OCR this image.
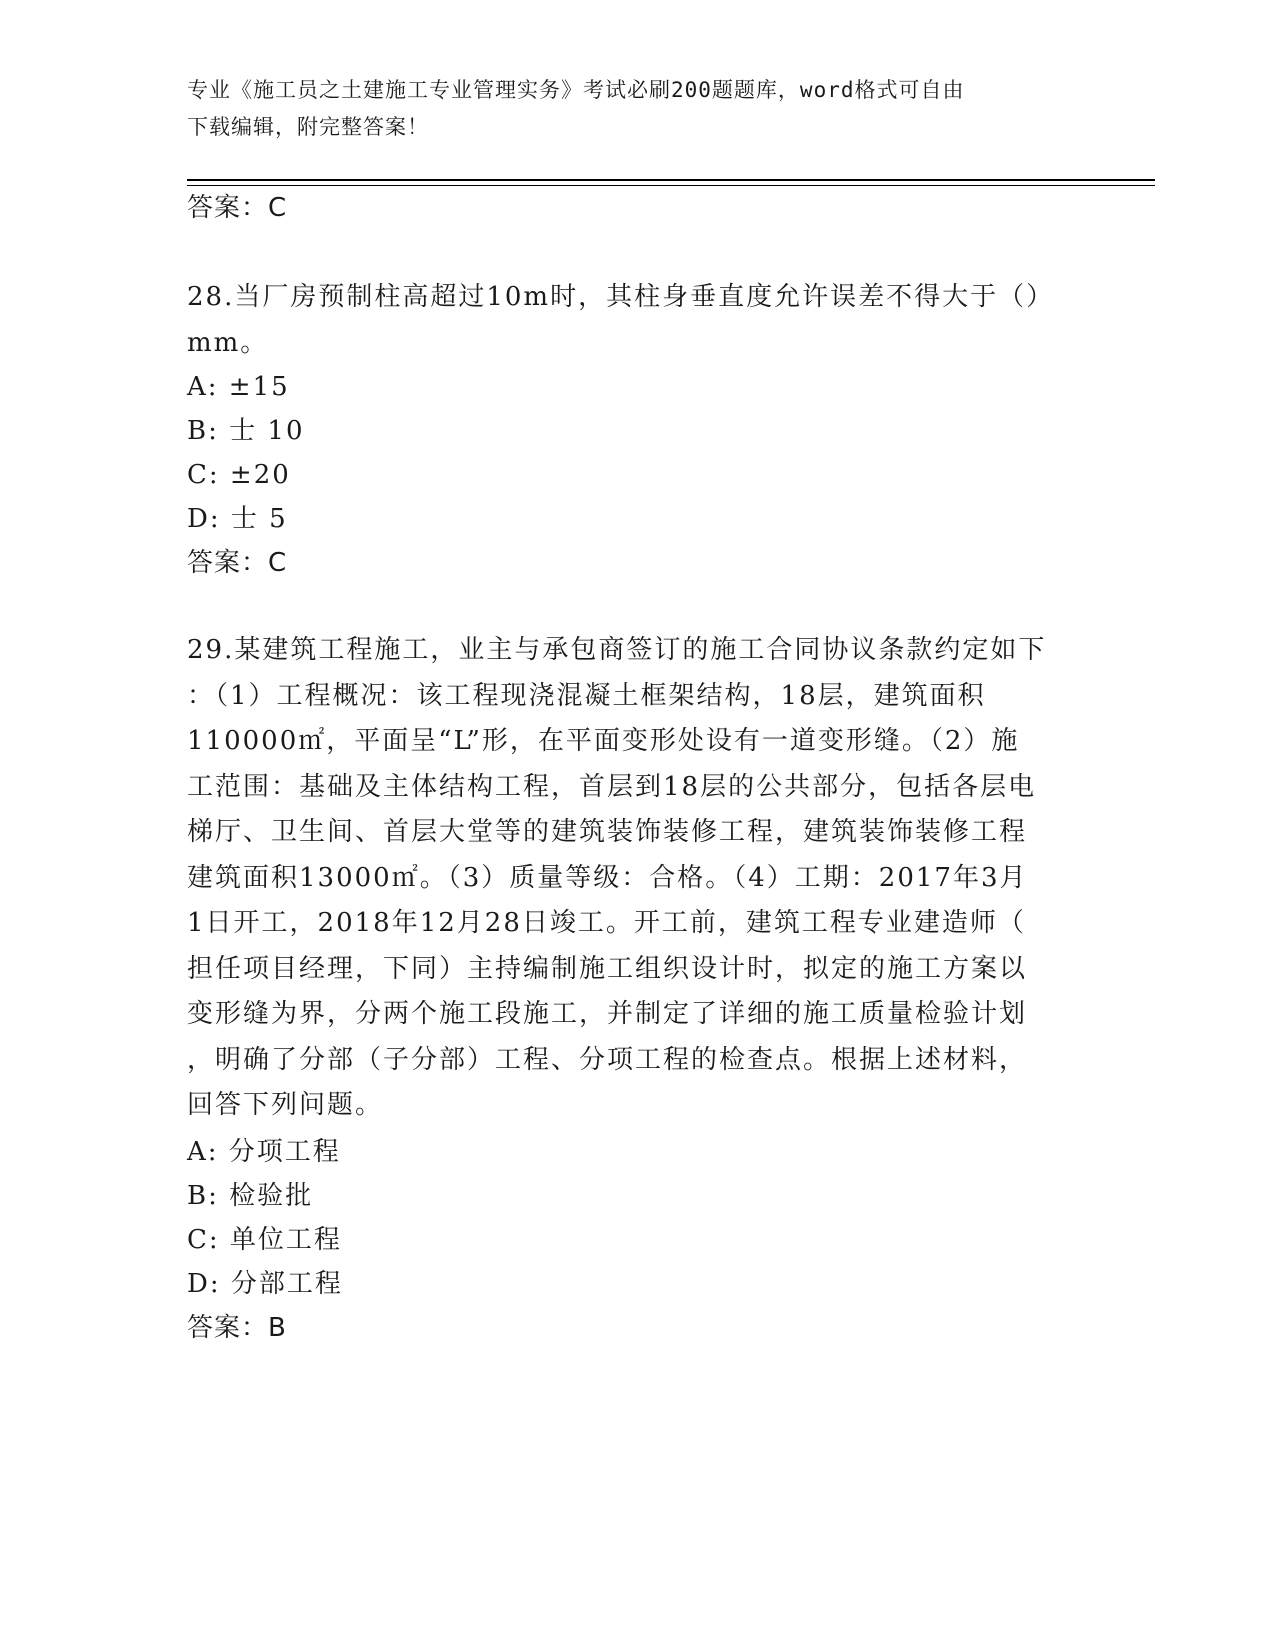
专业《施工员之土建施工专业管理实务》考试必刷200题题库，word格式可自由
下载编辑，附完整答案！
答案：C
28.当厂房预制柱高超过10m时，其柱身垂直度允许误差不得大于（）
mm。
A: ±15
B: 士 10
C: ±20
D: 士 5
答案：C
29.某建筑工程施工，业主与承包商签订的施工合同协议条款约定如下
：（1）工程概况：该工程现浇混凝土框架结构，18层，建筑面积
110000㎡，平面呈“L”形，在平面变形处设有一道变形缝。（2）施
工范围：基础及主体结构工程，首层到18层的公共部分，包括各层电
梯厅、卫生间、首层大堂等的建筑装饰装修工程，建筑装饰装修工程
建筑面积13000㎡。（3）质量等级：合格。（4）工期：2017年3月
1日开工，2018年12月28日竣工。开工前，建筑工程专业建造师（
担任项目经理，下同）主持编制施工组织设计时，拟定的施工方案以
变形缝为界，分两个施工段施工，并制定了详细的施工质量检验计划
，明确了分部（子分部）工程、分项工程的检查点。根据上述材料，
回答下列问题。
A: 分项工程
B: 检验批
C: 单位工程
D: 分部工程
答案：B
